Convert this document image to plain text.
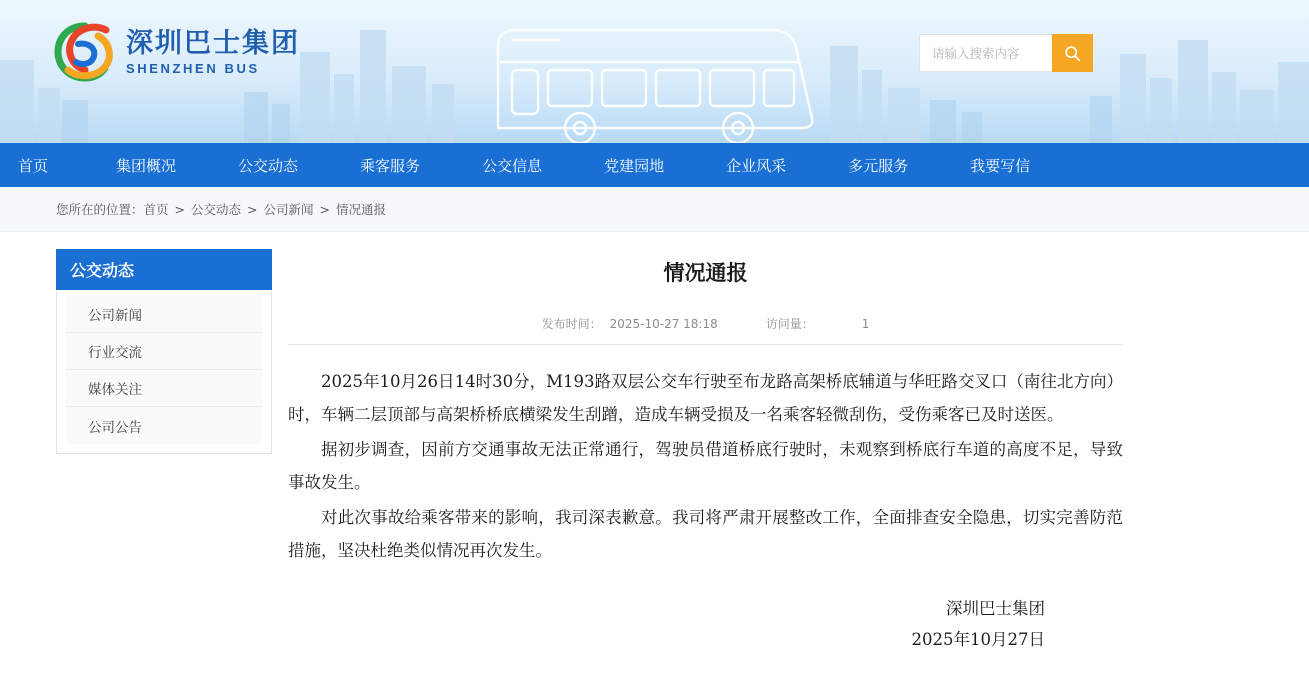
深圳巴士集团
SHENZHEN BUS
请输入搜索内容
首页	集团概况	公交动态	乘客服务	公交信息	党建园地	企业风采	多元服务	我要写信
您所在的位置： 首页 > 公交动态 > 公司新闻 > 情况通报
公交动态
公司新闻
行业交流
媒体关注
公司公告
情况通报
发布时间： 2025-10-27 18:18	访问量：	1

2025年10月26日14时30分，M193路双层公交车行驶至布龙路高架桥底辅道与华旺路交叉口（南往北方向）时，车辆二层顶部与高架桥桥底横梁发生刮蹭，造成车辆受损及一名乘客轻微刮伤，受伤乘客已及时送医。

据初步调查，因前方交通事故无法正常通行，驾驶员借道桥底行驶时，未观察到桥底行车道的高度不足，导致事故发生。

对此次事故给乘客带来的影响，我司深表歉意。我司将严肃开展整改工作，全面排查安全隐患，切实完善防范措施，坚决杜绝类似情况再次发生。

深圳巴士集团
2025年10月27日
